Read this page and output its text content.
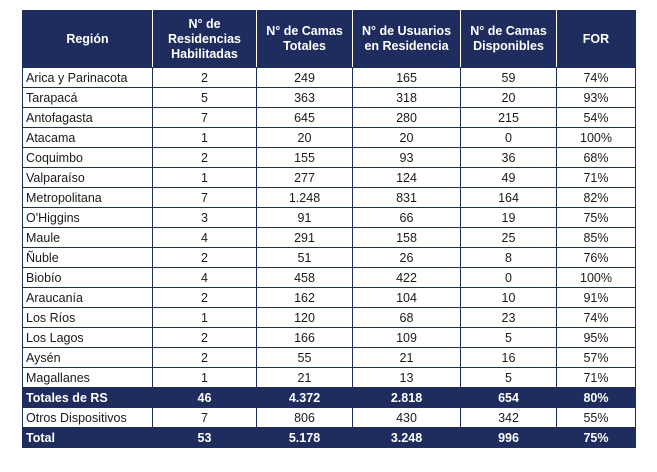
Región	N° de Residencias Habilitadas	N° de Camas Totales	N° de Usuarios en Residencia	N° de Camas Disponibles	FOR
Arica y Parinacota	2	249	165	59	74%
Tarapacá	5	363	318	20	93%
Antofagasta	7	645	280	215	54%
Atacama	1	20	20	0	100%
Coquimbo	2	155	93	36	68%
Valparaíso	1	277	124	49	71%
Metropolitana	7	1.248	831	164	82%
O'Higgins	3	91	66	19	75%
Maule	4	291	158	25	85%
Ñuble	2	51	26	8	76%
Biobío	4	458	422	0	100%
Araucanía	2	162	104	10	91%
Los Ríos	1	120	68	23	74%
Los Lagos	2	166	109	5	95%
Aysén	2	55	21	16	57%
Magallanes	1	21	13	5	71%
Totales de RS	46	4.372	2.818	654	80%
Otros Dispositivos	7	806	430	342	55%
Total	53	5.178	3.248	996	75%
